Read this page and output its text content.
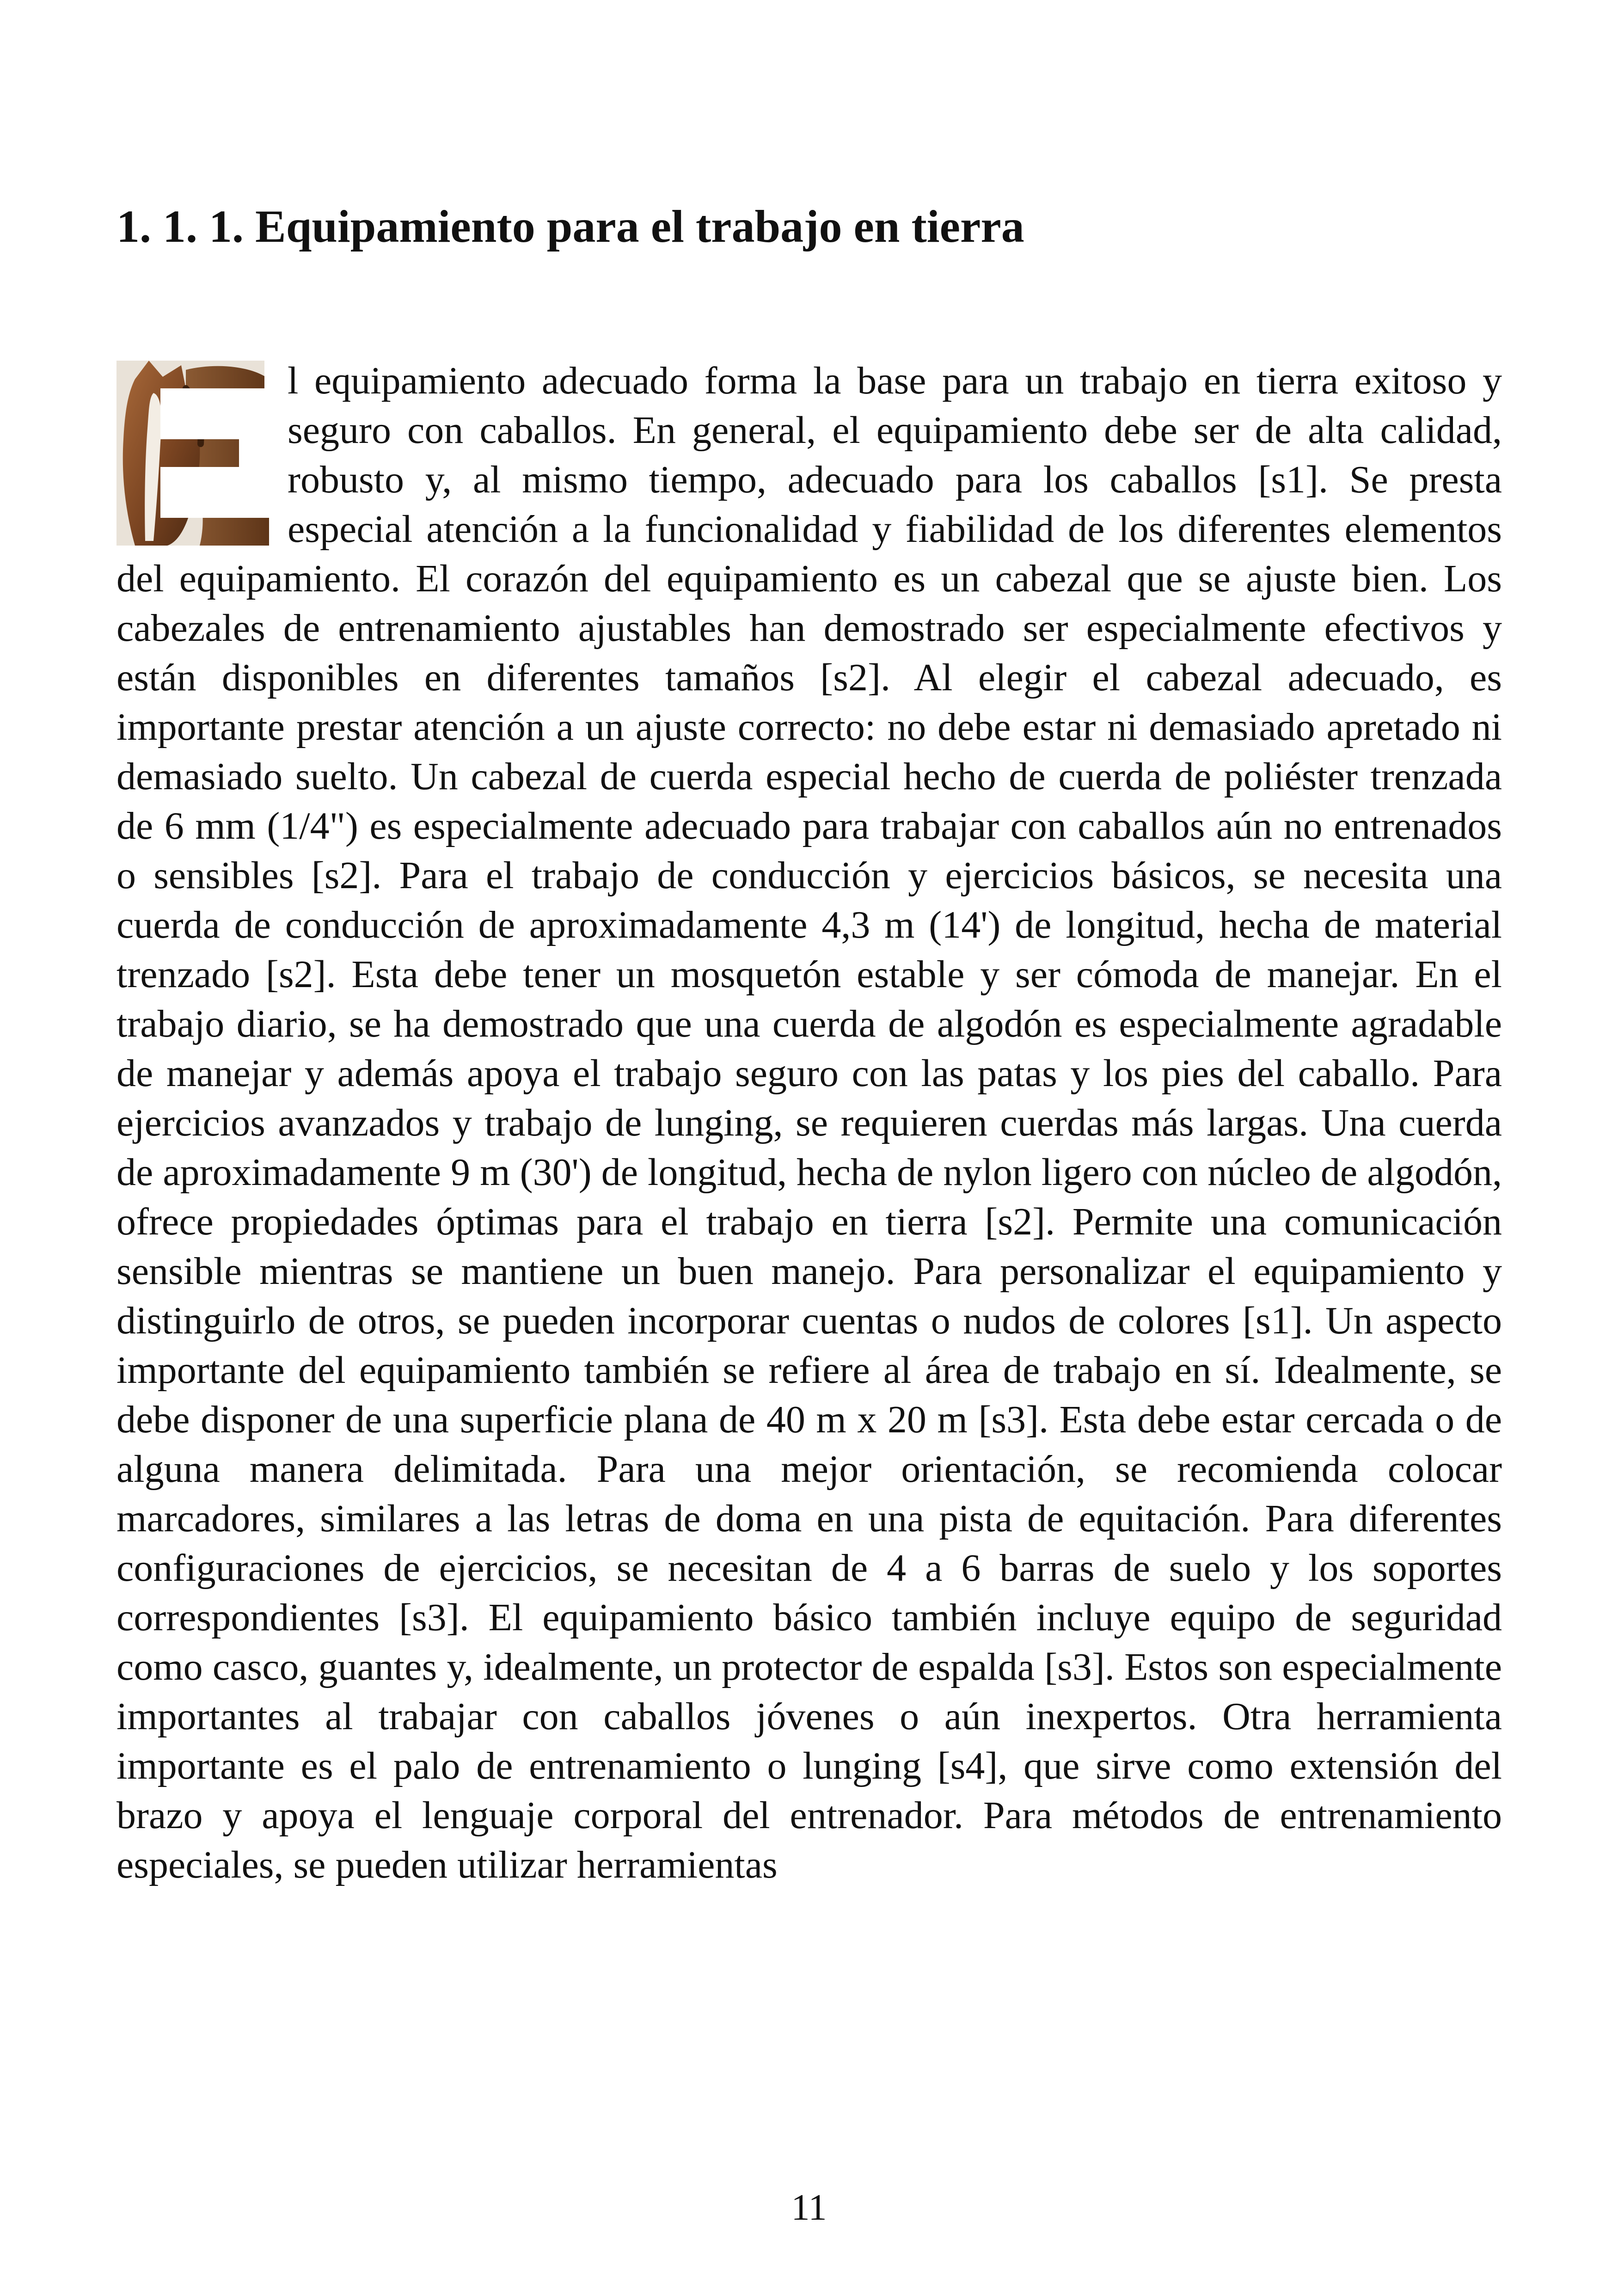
1. 1. 1. Equipamiento para el trabajo en tierra

l equipamiento adecuado forma la base para un trabajo en tierra exitoso y seguro con caballos. En general, el equipamiento debe ser de alta calidad, robusto y, al mismo tiempo, adecuado para los caballos [s1]. Se presta especial atención a la funcionalidad y fiabilidad de los diferentes elementos del equipamiento. El corazón del equipamiento es un cabezal que se ajuste bien. Los cabezales de entrenamiento ajustables han demostrado ser especialmente efectivos y están disponibles en diferentes tamaños [s2]. Al elegir el cabezal adecuado, es importante prestar atención a un ajuste correcto: no debe estar ni demasiado apretado ni demasiado suelto. Un cabezal de cuerda especial hecho de cuerda de poliéster trenzada de 6 mm (1/4") es especialmente adecuado para trabajar con caballos aún no entrenados o sensibles [s2]. Para el trabajo de conducción y ejercicios básicos, se necesita una cuerda de conducción de aproximadamente 4,3 m (14') de longitud, hecha de material trenzado [s2]. Esta debe tener un mosquetón estable y ser cómoda de manejar. En el trabajo diario, se ha demostrado que una cuerda de algodón es especialmente agradable de manejar y además apoya el trabajo seguro con las patas y los pies del caballo. Para ejercicios avanzados y trabajo de lunging, se requieren cuerdas más largas. Una cuerda de aproximadamente 9 m (30') de longitud, hecha de nylon ligero con núcleo de algodón, ofrece propiedades óptimas para el trabajo en tierra [s2]. Permite una comunicación sensible mientras se mantiene un buen manejo. Para personalizar el equipamiento y distinguirlo de otros, se pueden incorporar cuentas o nudos de colores [s1]. Un aspecto importante del equipamiento también se refiere al área de trabajo en sí. Idealmente, se debe disponer de una superficie plana de 40 m x 20 m [s3]. Esta debe estar cercada o de alguna manera delimitada. Para una mejor orientación, se recomienda colocar marcadores, similares a las letras de doma en una pista de equitación. Para diferentes configuraciones de ejercicios, se necesitan de 4 a 6 barras de suelo y los soportes correspondientes [s3]. El equipamiento básico también incluye equipo de seguridad como casco, guantes y, idealmente, un protector de espalda [s3]. Estos son especialmente importantes al trabajar con caballos jóvenes o aún inexpertos. Otra herramienta importante es el palo de entrenamiento o lunging [s4], que sirve como extensión del brazo y apoya el lenguaje corporal del entrenador. Para métodos de entrenamiento especiales, se pueden utilizar herramientas

11
